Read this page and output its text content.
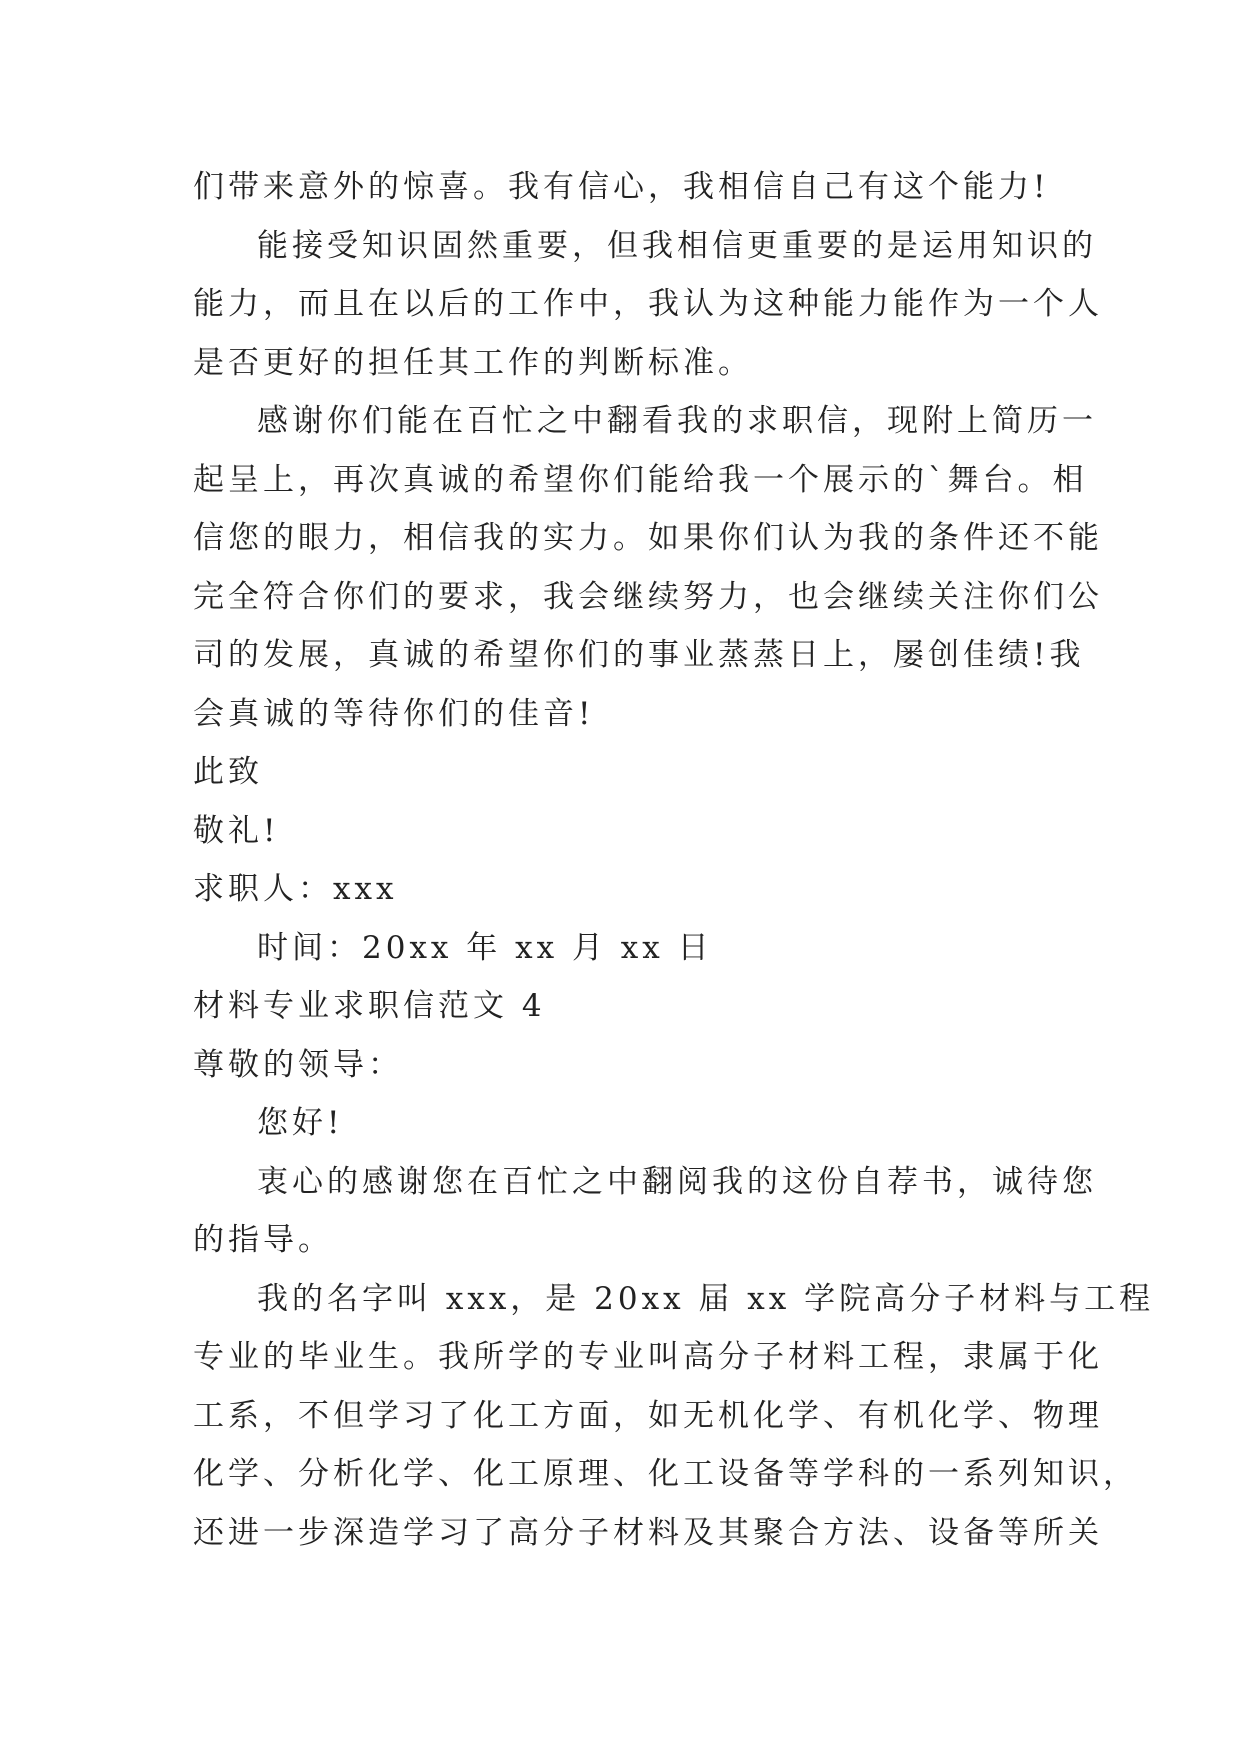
们带来意外的惊喜。我有信心，我相信自己有这个能力!
能接受知识固然重要，但我相信更重要的是运用知识的
能力，而且在以后的工作中，我认为这种能力能作为一个人
是否更好的担任其工作的判断标准。
感谢你们能在百忙之中翻看我的求职信，现附上简历一
起呈上，再次真诚的希望你们能给我一个展示的`舞台。相
信您的眼力，相信我的实力。如果你们认为我的条件还不能
完全符合你们的要求，我会继续努力，也会继续关注你们公
司的发展，真诚的希望你们的事业蒸蒸日上，屡创佳绩!我
会真诚的等待你们的佳音!
此致
敬礼!
求职人：xxx
时间：20xx 年 xx 月 xx 日
材料专业求职信范文 4
尊敬的领导：
您好!
衷心的感谢您在百忙之中翻阅我的这份自荐书，诚待您
的指导。
我的名字叫 xxx，是 20xx 届 xx 学院高分子材料与工程
专业的毕业生。我所学的专业叫高分子材料工程，隶属于化
工系，不但学习了化工方面，如无机化学、有机化学、物理
化学、分析化学、化工原理、化工设备等学科的一系列知识，
还进一步深造学习了高分子材料及其聚合方法、设备等所关
